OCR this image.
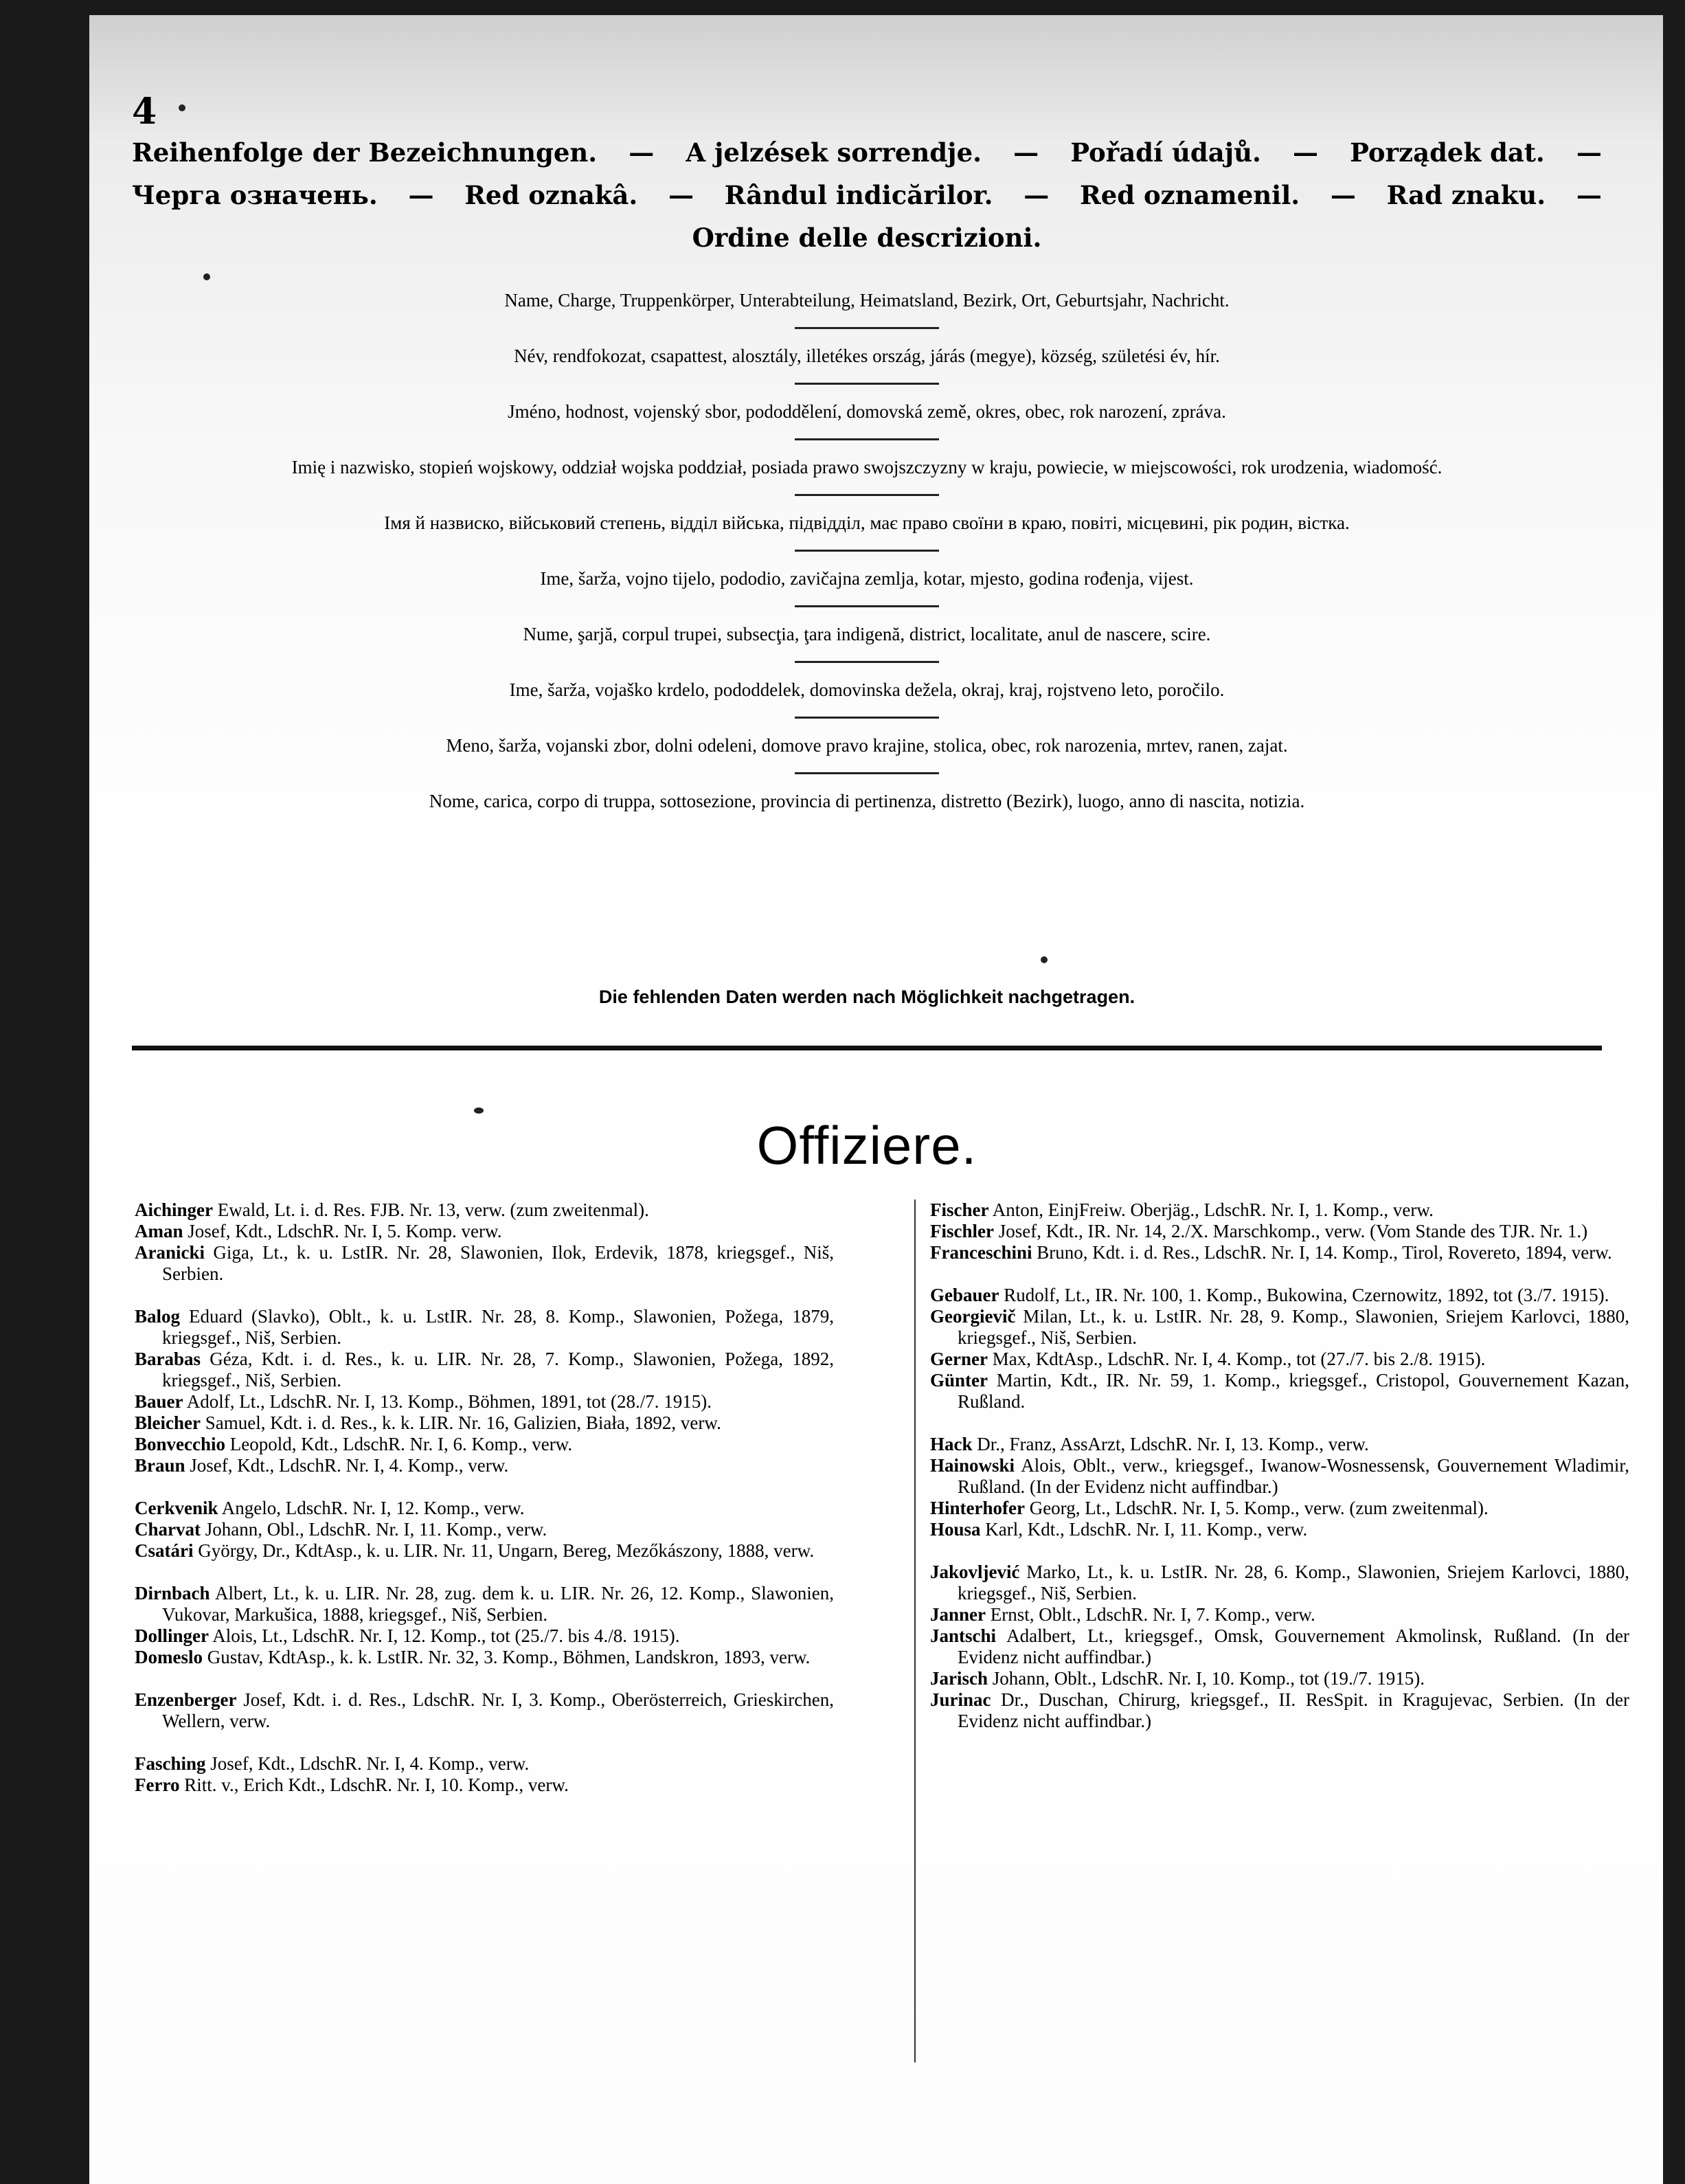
4
Reihenfolge der Bezeichnungen. — A jelzések sorrendje. — Pořadí údajů. — Porządek dat. —
Черга означень. — Red oznakâ. — Rândul indicărilor. — Red oznamenil. — Rad znaku. —
Ordine delle descrizioni.
Name, Charge, Truppenkörper, Unterabteilung, Heimatsland, Bezirk, Ort, Geburtsjahr, Nachricht.
Név, rendfokozat, csapattest, alosztály, illetékes ország, járás (megye), község, születési év, hír.
Jméno, hodnost, vojenský sbor, pododdělení, domovská země, okres, obec, rok narození, zpráva.
Imię i nazwisko, stopień wojskowy, oddział wojska poddział, posiada prawo swojszczyzny w kraju, powiecie, w miejscowości, rok urodzenia, wiadomość.
Імя й назвиско, військовий степень, відділ війська, підвідділ, має право своїни в краю, повіті, місцевині, рік родин, вістка.
Ime, šarža, vojno tijelo, pododio, zavičajna zemlja, kotar, mjesto, godina rođenja, vijest.
Nume, şarjă, corpul trupei, subsecţia, ţara indigenă, district, localitate, anul de nascere, scire.
Ime, šarža, vojaško krdelo, pododdelek, domovinska dežela, okraj, kraj, rojstveno leto, poročilo.
Meno, šarža, vojanski zbor, dolni odeleni, domove pravo krajine, stolica, obec, rok narozenia, mrtev, ranen, zajat.
Nome, carica, corpo di truppa, sottosezione, provincia di pertinenza, distretto (Bezirk), luogo, anno di nascita, notizia.
Die fehlenden Daten werden nach Möglichkeit nachgetragen.
Offiziere.

Aichinger Ewald, Lt. i. d. Res. FJB. Nr. 13, verw. (zum zweitenmal).

Aman Josef, Kdt., LdschR. Nr. I, 5. Komp. verw.

Aranicki Giga, Lt., k. u. LstIR. Nr. 28, Slawonien, Ilok, Erdevik, 1878, kriegsgef., Niš, Serbien.

Balog Eduard (Slavko), Oblt., k. u. LstIR. Nr. 28, 8. Komp., Slawonien, Požega, 1879, kriegsgef., Niš, Serbien.

Barabas Géza, Kdt. i. d. Res., k. u. LIR. Nr. 28, 7. Komp., Slawonien, Požega, 1892, kriegsgef., Niš, Serbien.

Bauer Adolf, Lt., LdschR. Nr. I, 13. Komp., Böhmen, 1891, tot (28./7. 1915).

Bleicher Samuel, Kdt. i. d. Res., k. k. LIR. Nr. 16, Galizien, Biała, 1892, verw.

Bonvecchio Leopold, Kdt., LdschR. Nr. I, 6. Komp., verw.

Braun Josef, Kdt., LdschR. Nr. I, 4. Komp., verw.

Cerkvenik Angelo, LdschR. Nr. I, 12. Komp., verw.

Charvat Johann, Obl., LdschR. Nr. I, 11. Komp., verw.

Csatári György, Dr., KdtAsp., k. u. LIR. Nr. 11, Ungarn, Bereg, Mezőkászony, 1888, verw.

Dirnbach Albert, Lt., k. u. LIR. Nr. 28, zug. dem k. u. LIR. Nr. 26, 12. Komp., Slawonien, Vukovar, Markušica, 1888, kriegsgef., Niš, Serbien.

Dollinger Alois, Lt., LdschR. Nr. I, 12. Komp., tot (25./7. bis 4./8. 1915).

Domeslo Gustav, KdtAsp., k. k. LstIR. Nr. 32, 3. Komp., Böhmen, Landskron, 1893, verw.

Enzenberger Josef, Kdt. i. d. Res., LdschR. Nr. I, 3. Komp., Oberösterreich, Grieskirchen, Wellern, verw.

Fasching Josef, Kdt., LdschR. Nr. I, 4. Komp., verw.

Ferro Ritt. v., Erich Kdt., LdschR. Nr. I, 10. Komp., verw.

Fischer Anton, EinjFreiw. Oberjäg., LdschR. Nr. I, 1. Komp., verw.

Fischler Josef, Kdt., IR. Nr. 14, 2./X. Marschkomp., verw. (Vom Stande des TJR. Nr. 1.)

Franceschini Bruno, Kdt. i. d. Res., LdschR. Nr. I, 14. Komp., Tirol, Rovereto, 1894, verw.

Gebauer Rudolf, Lt., IR. Nr. 100, 1. Komp., Bukowina, Czernowitz, 1892, tot (3./7. 1915).

Georgievič Milan, Lt., k. u. LstIR. Nr. 28, 9. Komp., Slawonien, Sriejem Karlovci, 1880, kriegsgef., Niš, Serbien.

Gerner Max, KdtAsp., LdschR. Nr. I, 4. Komp., tot (27./7. bis 2./8. 1915).

Günter Martin, Kdt., IR. Nr. 59, 1. Komp., kriegsgef., Cristopol, Gouvernement Kazan, Rußland.

Hack Dr., Franz, AssArzt, LdschR. Nr. I, 13. Komp., verw.

Hainowski Alois, Oblt., verw., kriegsgef., Iwanow-Wosnessensk, Gouvernement Wladimir, Rußland. (In der Evidenz nicht auffindbar.)

Hinterhofer Georg, Lt., LdschR. Nr. I, 5. Komp., verw. (zum zweitenmal).

Housa Karl, Kdt., LdschR. Nr. I, 11. Komp., verw.

Jakovljević Marko, Lt., k. u. LstIR. Nr. 28, 6. Komp., Slawonien, Sriejem Karlovci, 1880, kriegsgef., Niš, Serbien.

Janner Ernst, Oblt., LdschR. Nr. I, 7. Komp., verw.

Jantschi Adalbert, Lt., kriegsgef., Omsk, Gouvernement Akmolinsk, Rußland. (In der Evidenz nicht auffindbar.)

Jarisch Johann, Oblt., LdschR. Nr. I, 10. Komp., tot (19./7. 1915).

Jurinac Dr., Duschan, Chirurg, kriegsgef., II. ResSpit. in Kragujevac, Serbien. (In der Evidenz nicht auffindbar.)
